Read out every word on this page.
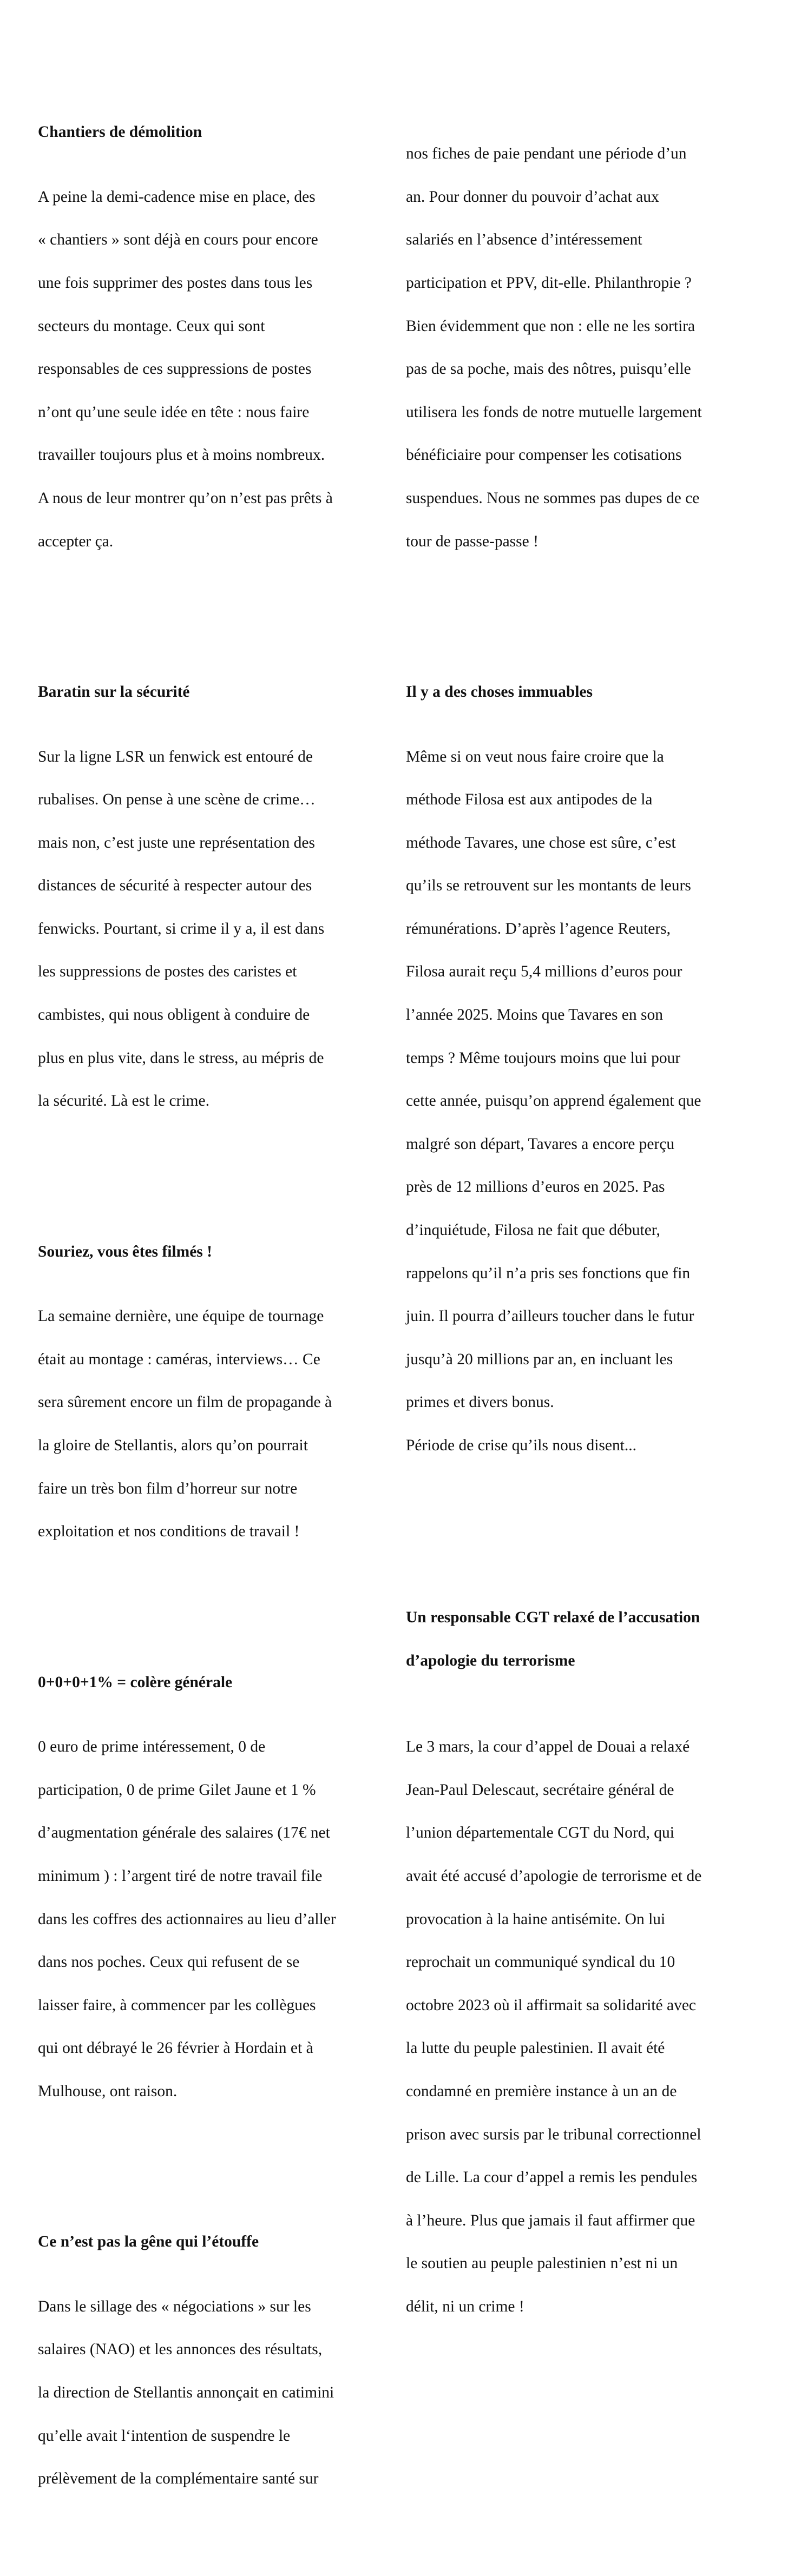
Chantiers de démolition

A peine la demi-cadence mise en place, des

« chantiers » sont déjà en cours pour encore

une fois supprimer des postes dans tous les

secteurs du montage. Ceux qui sont

responsables de ces suppressions de postes

n’ont qu’une seule idée en tête : nous faire

travailler toujours plus et à moins nombreux.

A nous de leur montrer qu’on n’est pas prêts à

accepter ça.

Baratin sur la sécurité

Sur la ligne LSR un fenwick est entouré de

rubalises. On pense à une scène de crime…

mais non, c’est juste une représentation des

distances de sécurité à respecter autour des

fenwicks. Pourtant, si crime il y a, il est dans

les suppressions de postes des caristes et

cambistes, qui nous obligent à conduire de

plus en plus vite, dans le stress, au mépris de

la sécurité. Là est le crime.

Souriez, vous êtes filmés !

La semaine dernière, une équipe de tournage

était au montage : caméras, interviews… Ce

sera sûrement encore un film de propagande à

la gloire de Stellantis, alors qu’on pourrait

faire un très bon film d’horreur sur notre

exploitation et nos conditions de travail !

0+0+0+1% = colère générale

0 euro de prime intéressement, 0 de

participation, 0 de prime Gilet Jaune et 1 %

d’augmentation générale des salaires (17€ net

minimum ) : l’argent tiré de notre travail file

dans les coffres des actionnaires au lieu d’aller

dans nos poches. Ceux qui refusent de se

laisser faire, à commencer par les collègues

qui ont débrayé le 26 février à Hordain et à

Mulhouse, ont raison.

Ce n’est pas la gêne qui l’étouffe

Dans le sillage des « négociations » sur les

salaires (NAO) et les annonces des résultats,

la direction de Stellantis annonçait en catimini

qu’elle avait l‘intention de suspendre le

prélèvement de la complémentaire santé sur

nos fiches de paie pendant une période d’un

an. Pour donner du pouvoir d’achat aux

salariés en l’absence d’intéressement

participation et PPV, dit-elle. Philanthropie ?

Bien évidemment que non : elle ne les sortira

pas de sa poche, mais des nôtres, puisqu’elle

utilisera les fonds de notre mutuelle largement

bénéficiaire pour compenser les cotisations

suspendues. Nous ne sommes pas dupes de ce

tour de passe-passe !

Il y a des choses immuables

Même si on veut nous faire croire que la

méthode Filosa est aux antipodes de la

méthode Tavares, une chose est sûre, c’est

qu’ils se retrouvent sur les montants de leurs

rémunérations. D’après l’agence Reuters,

Filosa aurait reçu 5,4 millions d’euros pour

l’année 2025. Moins que Tavares en son

temps ? Même toujours moins que lui pour

cette année, puisqu’on apprend également que

malgré son départ, Tavares a encore perçu

près de 12 millions d’euros en 2025. Pas

d’inquiétude, Filosa ne fait que débuter,

rappelons qu’il n’a pris ses fonctions que fin

juin. Il pourra d’ailleurs toucher dans le futur

jusqu’à 20 millions par an, en incluant les

primes et divers bonus.

Période de crise qu’ils nous disent...

Un responsable CGT relaxé de l’accusation

d’apologie du terrorisme

Le 3 mars, la cour d’appel de Douai a relaxé

Jean-Paul Delescaut, secrétaire général de

l’union départementale CGT du Nord, qui

avait été accusé d’apologie de terrorisme et de

provocation à la haine antisémite. On lui

reprochait un communiqué syndical du 10

octobre 2023 où il affirmait sa solidarité avec

la lutte du peuple palestinien. Il avait été

condamné en première instance à un an de

prison avec sursis par le tribunal correctionnel

de Lille. La cour d’appel a remis les pendules

à l’heure. Plus que jamais il faut affirmer que

le soutien au peuple palestinien n’est ni un

délit, ni un crime !
